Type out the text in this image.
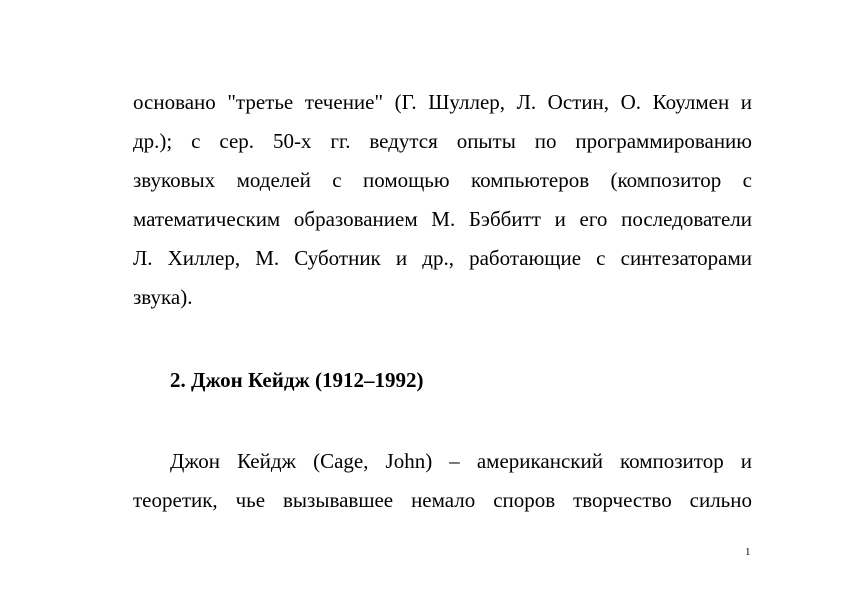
основано "третье течение" (Г. Шуллер, Л. Остин, О. Коулмен и
др.); с сер. 50-х гг. ведутся опыты по программированию
звуковых моделей с помощью компьютеров (композитор с
математическим образованием М. Бэббитт и его последователи
Л. Хиллер, М. Суботник и др., работающие с синтезаторами
звука).
2. Джон Кейдж (1912–1992)
Джон Кейдж (Cage, John) – американский композитор и
теоретик, чье вызывавшее немало споров творчество сильно
1
